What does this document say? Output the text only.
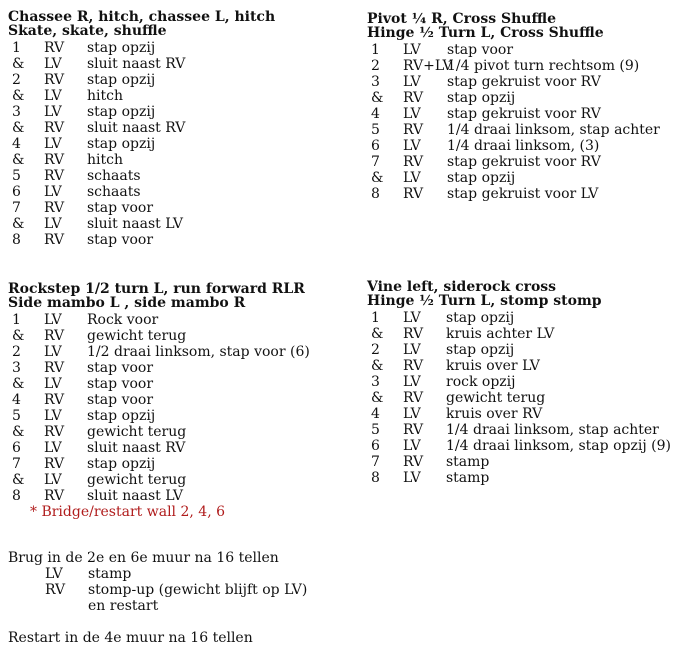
Chassee R, hitch, chassee L, hitch
Skate, skate, shuffle
1 RV stap opzij
& LV sluit naast RV
2 RV stap opzij
& LV hitch
3 LV stap opzij
& RV sluit naast RV
4 LV stap opzij
& RV hitch
5 RV schaats
6 LV schaats
7 RV stap voor
& LV sluit naast LV
8 RV stap voor
Pivot ¼ R, Cross Shuffle
Hinge ½ Turn L, Cross Shuffle
1 LV stap voor
2 RV+LV
1/4 pivot turn rechtsom (9)
3 LV stap gekruist voor RV
& RV stap opzij
4 LV stap gekruist voor RV
5 RV 1/4 draai linksom, stap achter
6 LV 1/4 draai linksom, (3)
7 RV stap gekruist voor RV
& LV stap opzij
8 RV stap gekruist voor LV
Rockstep 1/2 turn L, run forward RLR
Side mambo L , side mambo R
1 LV Rock voor
& RV gewicht terug
2 LV 1/2 draai linksom, stap voor (6)
3 RV stap voor
& LV stap voor
4 RV stap voor
5 LV stap opzij
& RV gewicht terug
6 LV sluit naast RV
7 RV stap opzij
& LV gewicht terug
8 RV sluit naast LV
* Bridge/restart wall 2, 4, 6
Vine left, siderock cross
Hinge ½ Turn L, stomp stomp
1 LV stap opzij
& RV kruis achter LV
2 LV stap opzij
& RV kruis over LV
3 LV rock opzij
& RV gewicht terug
4 LV kruis over RV
5 RV 1/4 draai linksom, stap achter
6 LV 1/4 draai linksom, stap opzij (9)
7 RV stamp
8 LV stamp
Brug in de 2e en 6e muur na 16 tellen
LV stamp
RV stomp-up (gewicht blijft op LV)
en restart
Restart in de 4e muur na 16 tellen
